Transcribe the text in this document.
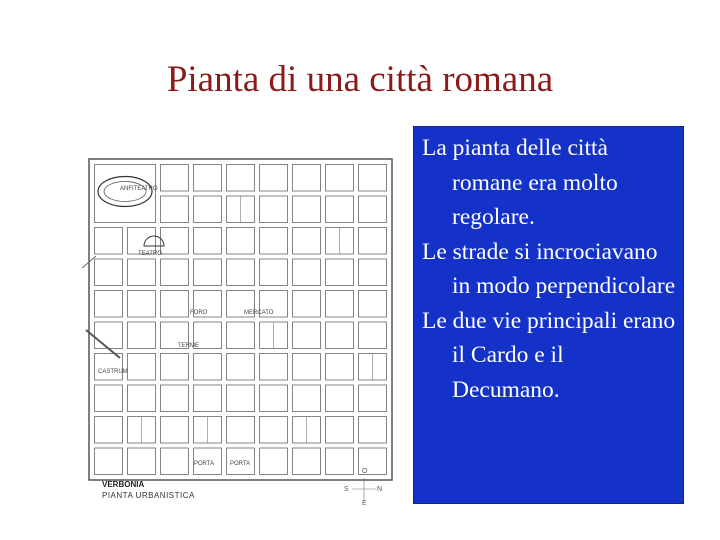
Pianta di una città romana
ANFITEATRO
TEATRO
FORO	MERCATO
TERME
CASTRUM
PORTA	PORTA
VERBONIA
PIANTA URBANISTICA
O
S	N
E
La pianta delle città romane era molto regolare.
Le strade si incrociavano in modo perpendicolare
Le due vie principali erano il Cardo e il Decumano.
